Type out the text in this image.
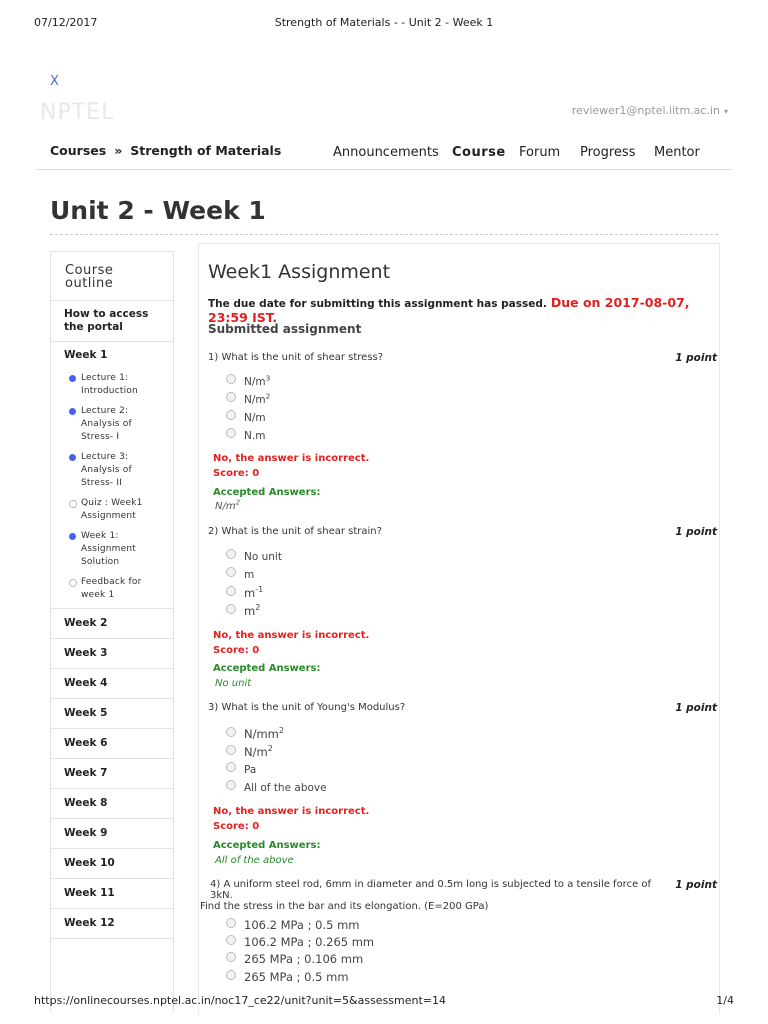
07/12/2017	Strength of Materials - - Unit 2 - Week 1
X
NPTEL	reviewer1@nptel.iitm.ac.in ▾
Courses » Strength of Materials	Announcements Course Forum Progress Mentor
Unit 2 - Week 1
Course
outline
How to access
the portal
Week 1
Lecture 1:
Introduction
Lecture 2:
Analysis of
Stress- I
Lecture 3:
Analysis of
Stress- II
Quiz : Week1
Assignment
Week 1:
Assignment
Solution
Feedback for
week 1
Week 2
Week 3
Week 4
Week 5
Week 6
Week 7
Week 8
Week 9
Week 10
Week 11
Week 12
Week1 Assignment
The due date for submitting this assignment has passed. Due on 2017-08-07, 23:59 IST.
Submitted assignment
1) What is the unit of shear stress?	1 point
$N/m^3$
$N/m^2$
N/m
N.m
No, the answer is incorrect.
Score: 0
Accepted Answers:
$N/m^2$
2) What is the unit of shear strain?	1 point
No unit
m
$m^{-1}$
$m^2$
No, the answer is incorrect.
Score: 0
Accepted Answers:
No unit
3) What is the unit of Young's Modulus?	1 point
$N/mm^2$
$N/m^2$
Pa
All of the above
No, the answer is incorrect.
Score: 0
Accepted Answers:
All of the above
4) A uniform steel rod, 6mm in diameter and 0.5m long is subjected to a tensile force of 3kN.
Find the stress in the bar and its elongation. (E=200 GPa)
1 point
106.2 MPa ; 0.5 mm
106.2 MPa ; 0.265 mm
265 MPa ; 0.106 mm
265 MPa ; 0.5 mm
https://onlinecourses.nptel.ac.in/noc17_ce22/unit?unit=5&assessment=14	1/4
